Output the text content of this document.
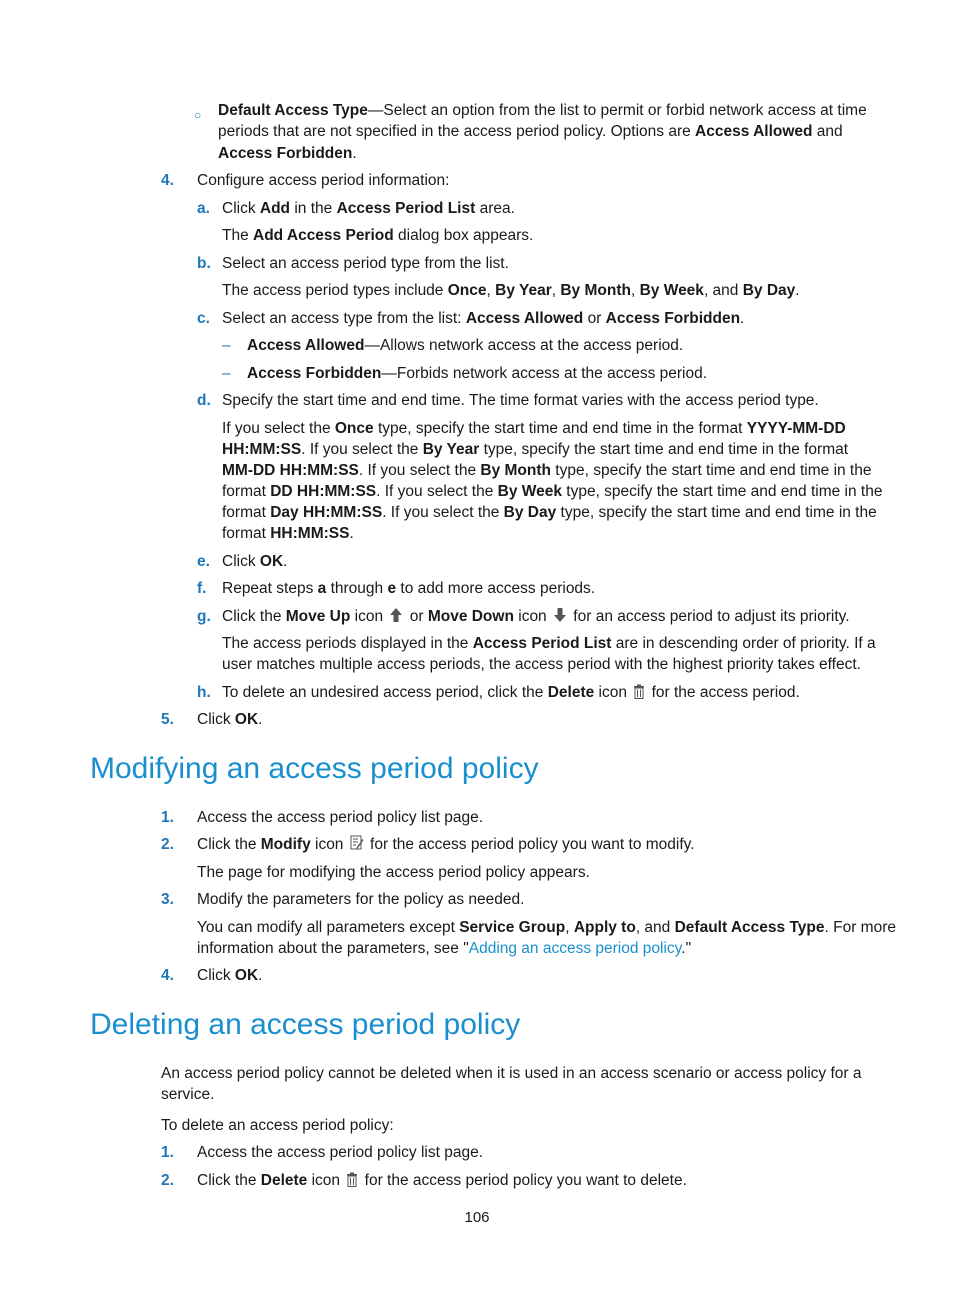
○ Default Access Type—Select an option from the list to permit or forbid network access at time
periods that are not specified in the access period policy. Options are Access Allowed and
Access Forbidden.
4. Configure access period information:
a. Click Add in the Access Period List area.
The Add Access Period dialog box appears.
b. Select an access period type from the list.
The access period types include Once, By Year, By Month, By Week, and By Day.
c. Select an access type from the list: Access Allowed or Access Forbidden.
– Access Allowed—Allows network access at the access period.
– Access Forbidden—Forbids network access at the access period.
d. Specify the start time and end time. The time format varies with the access period type.
If you select the Once type, specify the start time and end time in the format YYYY-MM-DD
HH:MM:SS. If you select the By Year type, specify the start time and end time in the format
MM-DD HH:MM:SS. If you select the By Month type, specify the start time and end time in the
format DD HH:MM:SS. If you select the By Week type, specify the start time and end time in the
format Day HH:MM:SS. If you select the By Day type, specify the start time and end time in the
format HH:MM:SS.
e. Click OK.
f. Repeat steps a through e to add more access periods.
g. Click the Move Up icon  or Move Down icon  for an access period to adjust its priority.
The access periods displayed in the Access Period List are in descending order of priority. If a
user matches multiple access periods, the access period with the highest priority takes effect.
h. To delete an undesired access period, click the Delete icon  for the access period.
5. Click OK.
Modifying an access period policy
1. Access the access period policy list page.
2. Click the Modify icon  for the access period policy you want to modify.
The page for modifying the access period policy appears.
3. Modify the parameters for the policy as needed.
You can modify all parameters except Service Group, Apply to, and Default Access Type. For more
information about the parameters, see "Adding an access period policy."
4. Click OK.
Deleting an access period policy
An access period policy cannot be deleted when it is used in an access scenario or access policy for a
service.
To delete an access period policy:
1. Access the access period policy list page.
2. Click the Delete icon  for the access period policy you want to delete.
106
